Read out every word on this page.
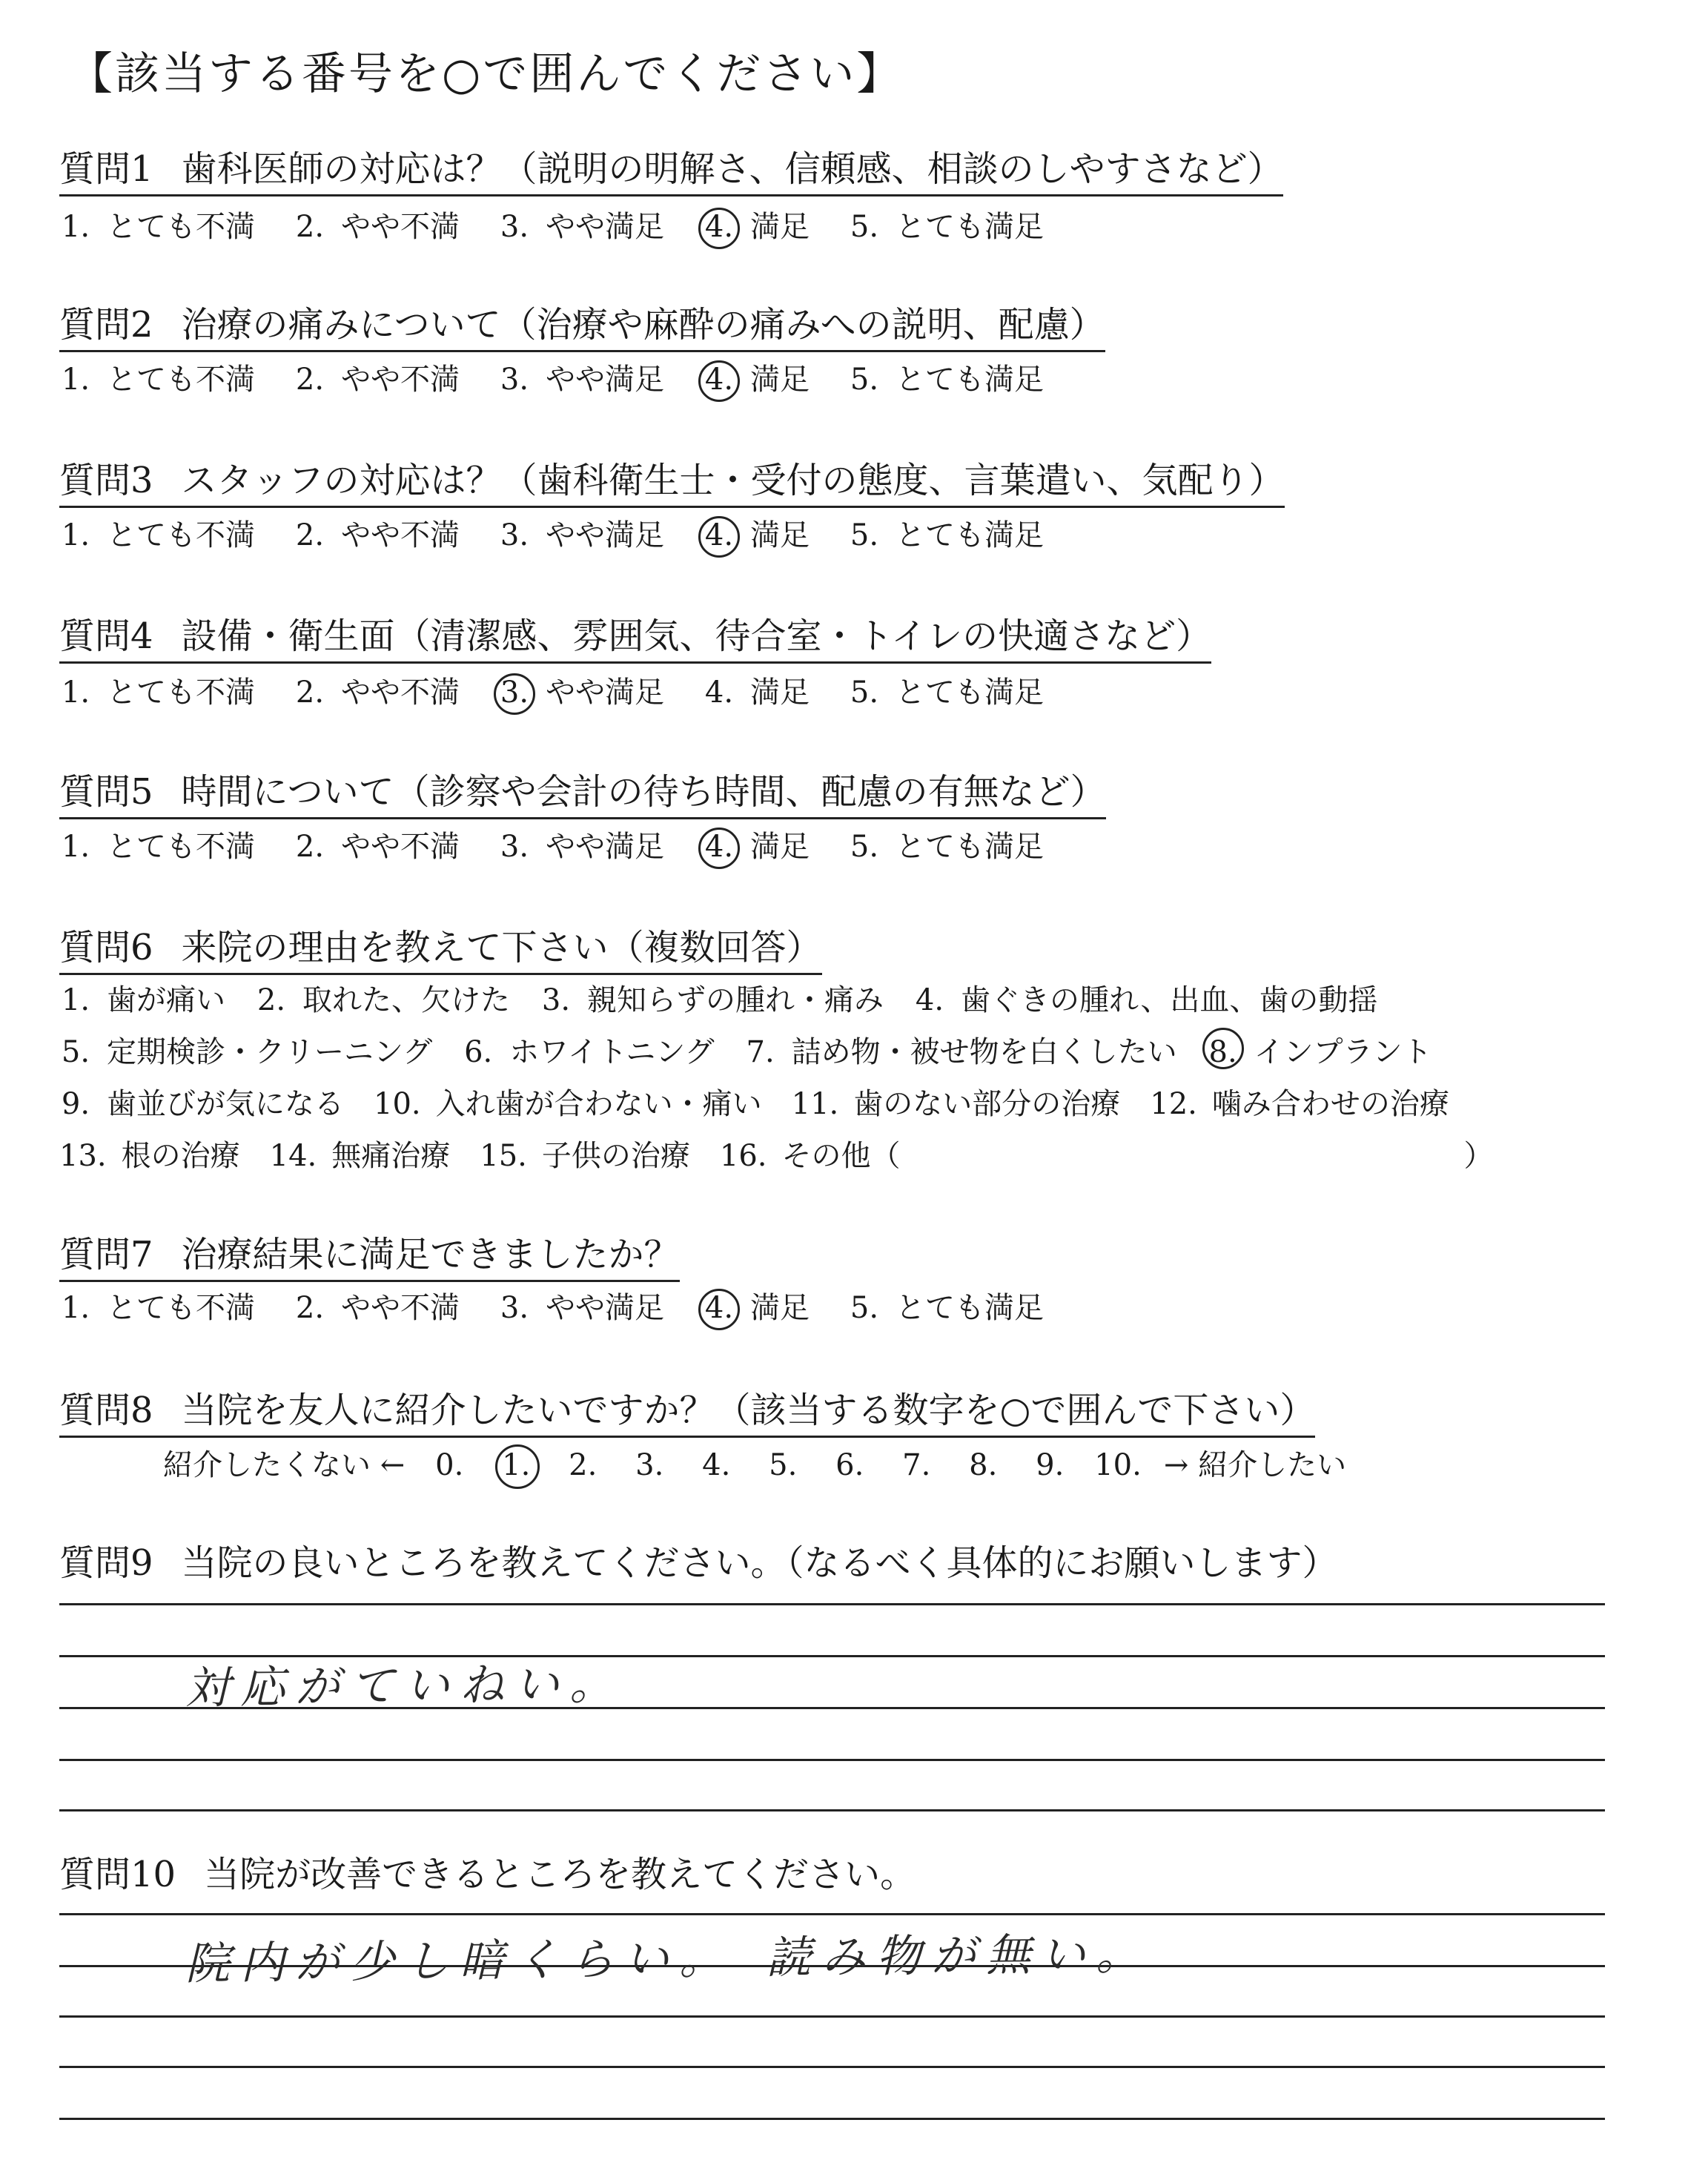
【該当する番号を○で囲んでください】
質問1 歯科医師の対応は？（説明の明解さ、信頼感、相談のしやすさなど）
1. とても不満 2. やや不満 3. やや満足 4. 満足 5. とても満足
質問2 治療の痛みについて（治療や麻酔の痛みへの説明、配慮）
1. とても不満 2. やや不満 3. やや満足 4. 満足 5. とても満足
質問3 スタッフの対応は？（歯科衛生士・受付の態度、言葉遣い、気配り）
1. とても不満 2. やや不満 3. やや満足 4. 満足 5. とても満足
質問4 設備・衛生面（清潔感、雰囲気、待合室・トイレの快適さなど）
1. とても不満 2. やや不満 3. やや満足 4. 満足 5. とても満足
質問5 時間について（診察や会計の待ち時間、配慮の有無など）
1. とても不満 2. やや不満 3. やや満足 4. 満足 5. とても満足
質問6 来院の理由を教えて下さい（複数回答）
1. 歯が痛い 2. 取れた、欠けた 3. 親知らずの腫れ・痛み 4. 歯ぐきの腫れ、出血、歯の動揺
5. 定期検診・クリーニング 6. ホワイトニング 7. 詰め物・被せ物を白くしたい 8. インプラント
9. 歯並びが気になる 10. 入れ歯が合わない・痛い 11. 歯のない部分の治療 12. 噛み合わせの治療
13. 根の治療 14. 無痛治療 15. 子供の治療 16. その他（	）
質問7 治療結果に満足できましたか？
1. とても不満 2. やや不満 3. やや満足 4. 満足 5. とても満足
質問8 当院を友人に紹介したいですか？（該当する数字を○で囲んで下さい）
紹介したくない ← 0. 1. 2. 3. 4. 5. 6. 7. 8. 9. 10. → 紹介したい
質問9 当院の良いところを教えてください。（なるべく具体的にお願いします）
対応がていねい。
質問10 当院が改善できるところを教えてください。
院内が少し暗くらい。　読み物が無い。
